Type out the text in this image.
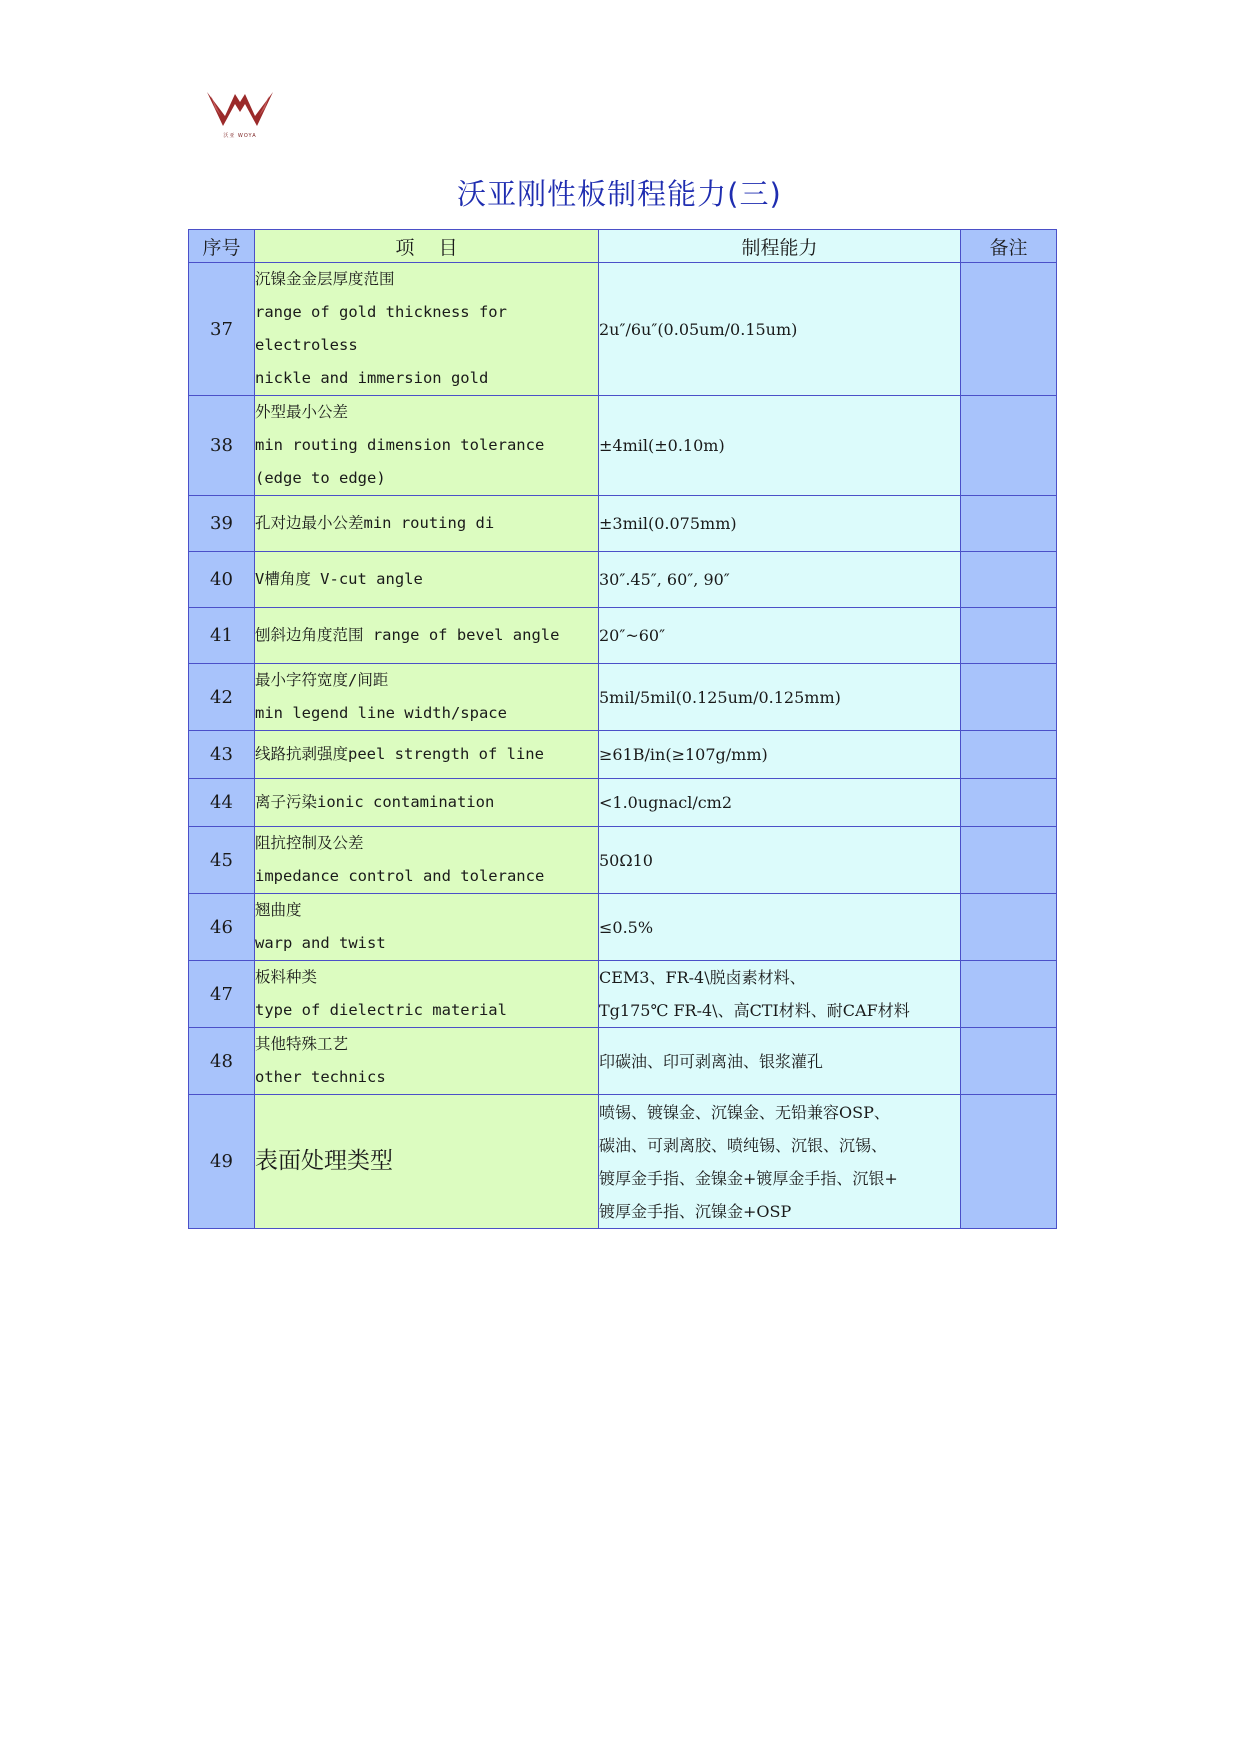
沃亚 WOYA
沃亚刚性板制程能力(三)
序号	项    目	制程能力	备注
37	沉镍金金层厚度范围
range of gold thickness for
electroless
nickle and immersion gold	2u″/6u″(0.05um/0.15um)	

38	外型最小公差
min routing dimension tolerance
(edge to edge)	±4mil(±0.10m)	

39	孔对边最小公差min routing di	±3mil(0.075mm)	

40	V槽角度 V-cut angle	30″.45″, 60″, 90″	

41	刨斜边角度范围 range of bevel angle	20″~60″	

42	最小字符宽度/间距
min legend line width/space	5mil/5mil(0.125um/0.125mm)	

43	线路抗剥强度peel strength of line	≥61B/in(≥107g/mm)	

44	离子污染ionic contamination	<1.0ugnacl/cm2	

45	阻抗控制及公差
impedance control and tolerance	50Ω10	

46	翘曲度
warp and twist	≤0.5%	

47	板料种类
type of dielectric material	CEM3、FR-4\脱卤素材料、
Tg175℃ FR-4\、高CTI材料、耐CAF材料	

48	其他特殊工艺
other technics	印碳油、印可剥离油、银浆灌孔	

49	表面处理类型	喷锡、镀镍金、沉镍金、无铅兼容OSP、
碳油、可剥离胶、喷纯锡、沉银、沉锡、
镀厚金手指、金镍金+镀厚金手指、沉银+
镀厚金手指、沉镍金+OSP	
